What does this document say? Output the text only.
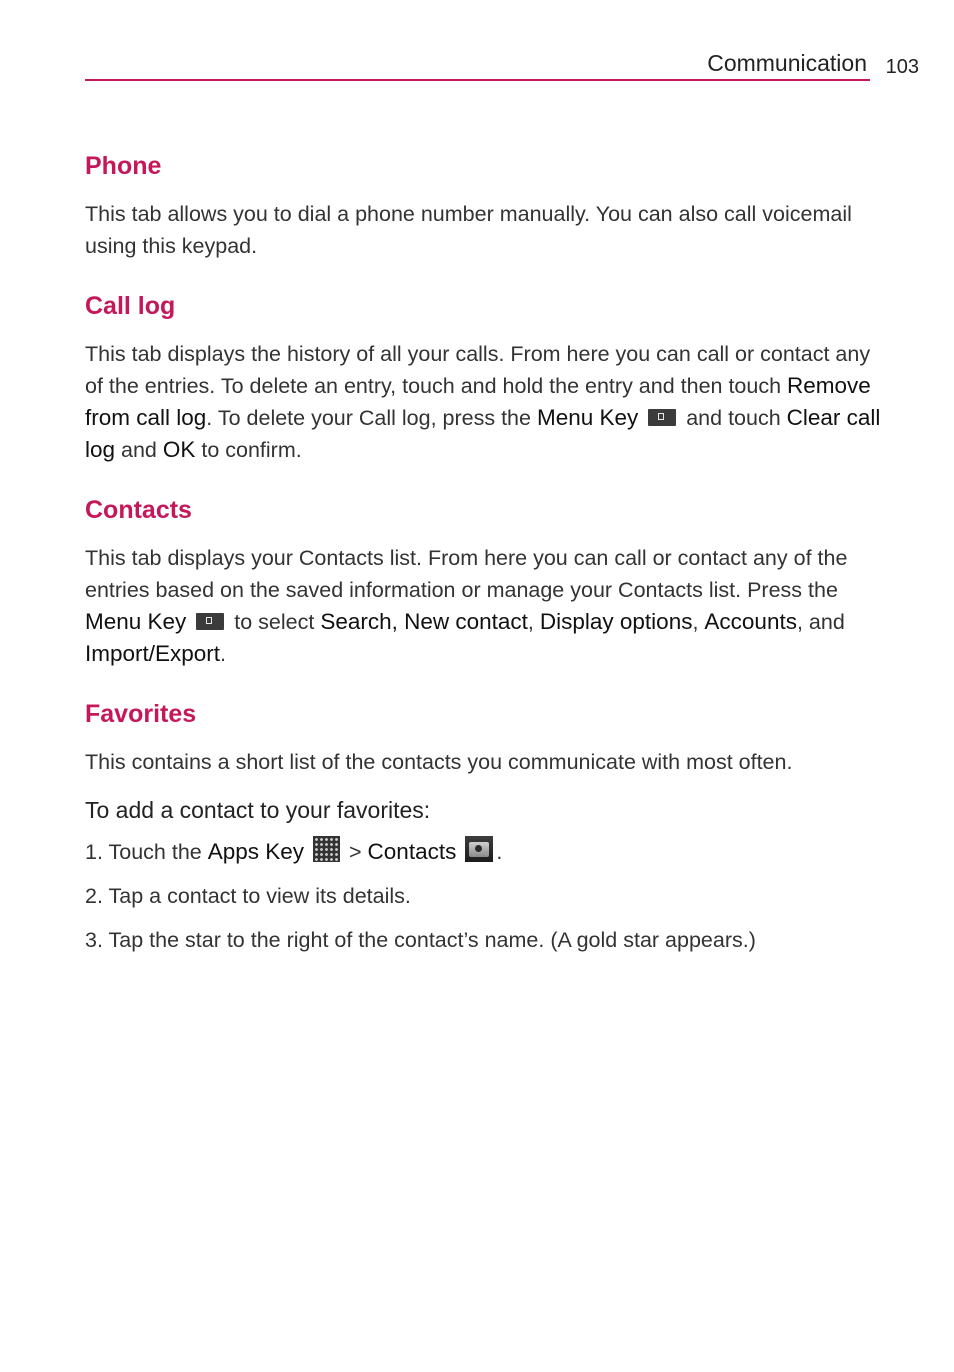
Communication 103
Phone

This tab allows you to dial a phone number manually. You can also call voicemail using this keypad.

Call log

This tab displays the history of all your calls. From here you can call or contact any of the entries. To delete an entry, touch and hold the entry and then touch Remove from call log. To delete your Call log, press the Menu Key  and touch Clear call log and OK to confirm.

Contacts

This tab displays your Contacts list. From here you can call or contact any of the entries based on the saved information or manage your Contacts list. Press the Menu Key  to select Search, New contact, Display options, Accounts, and Import/Export.

Favorites

This contains a short list of the contacts you communicate with most often.

To add a contact to your favorites:
1. Touch the Apps Key  > Contacts .
2. Tap a contact to view its details.
3. Tap the star to the right of the contact’s name. (A gold star appears.)
